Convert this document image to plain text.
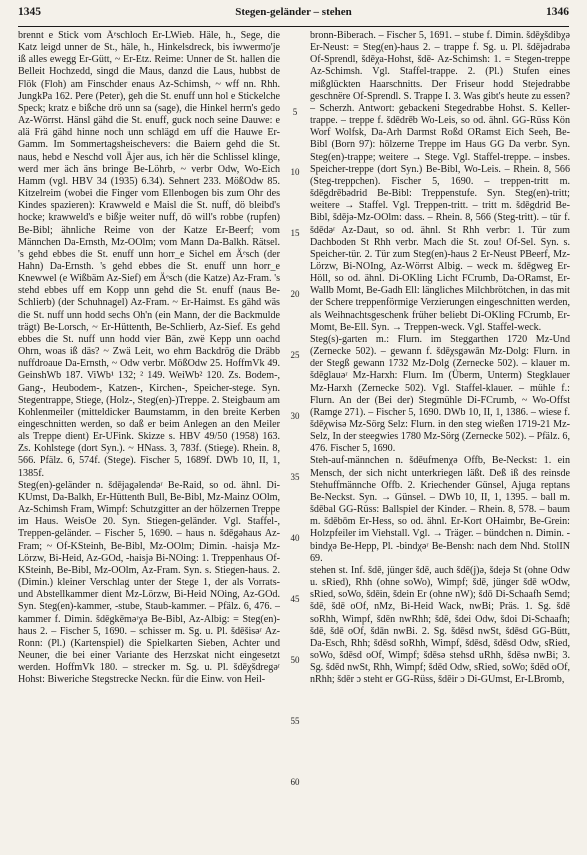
1345	Stegen-geländer – stehen	1346

brennt e Stick vom Äᵉschloch Er-LWieb. Häle, h., Sege, die Katz leigd unner de St., häle, h., Hinkelsdreck, bis iwwermo'je iß alles ewegg Er-Gütt, ~ Er-Etz. Reime: Unner de St. hallen die Belleit Hochzedd, singd die Maus, danzd die Laus, hubbst de Flök (Floh) am Finschder enaus Az-Schimsh, ~ wff nn. Rhh. JungkPa 162. Pere (Peter), geh die St. enuff unn hol e Stickelche Speck; kratz e bißche drö unn sa (sage), die Hinkel herrn's gedo Az-Wörrst. Hänsl gähd die St. enuff, guck noch seine Dauwe: e alä Frä gähd hinne noch unn schlägd em uff die Hauwe Er-Gamm. Im Sommertagsheischevers: die Baiern gehd die St. naus, hebd e Neschd voll Äjer aus, ich hër die Schlissel klinge, werd mer äch äns bringe Be-Löhrb, ~ verbr Odw, Wo-Eich Hamm (vgl. HBV 34 (1935) 6.34). Sehnert 233. MößOdw 85. Kitzelreim (wobei die Finger vom Ellenbogen bis zum Ohr des Kindes spazieren): Krawweld e Maisl die St. nuff, dö bleibd's hocke; krawweld's e bißje weiter nuff, dö will's robbe (rupfen) Be-Bibl; ähnliche Reime von der Katze Er-Beerf; vom Männchen Da-Ernsth, Mz-OOlm; vom Mann Da-Balkh. Rätsel. 's gehd ebbes die St. enuff unn horr_e Sichel em Äᵉsch (der Hahn) Da-Ernsth. 's gehd ebbes die St. enuff unn horr_e Knewwel (e Wißbäm Az-Sief) em Äᵉsch (die Katze) Az-Fram. 's stehd ebbes uff em Kopp unn gehd die St. enuff (naus Be-Schlierb) (der Schuhnagel) Az-Fram. ~ Er-Haimst. Es gähd wäs die St. nuff unn hodd sechs Oh'n (ein Mann, der die Backmulde trägt) Be-Lorsch, ~ Er-Hüttenth, Be-Schlierb, Az-Sief. Es gehd ebbes die St. nuff unn hodd vier Bän, zwë Kepp unn oachd Ohrn, woas iß däs? ~ Zwä Leit, wo ehrn Backdrög die Dräbb nuffdroaue Da-Ernsth, ~ Odw verbr. MößOdw 25. HoffmVk 49. GeinshWb 187. ViWb¹ 132; ² 149. WeiWb² 120. Zs. Bodem-, Gang-, Heubodem-, Katzen-, Kirchen-, Speicher-stege. Syn. Stegentrappe, Stiege, (Holz-, Steg(en)-)Treppe. 2. Steigbaum am Kohlenmeiler (mitteldicker Baumstamm, in den breite Kerben eingeschnitten werden, so daß er beim Anlegen an den Meiler als Treppe dient) Er-UFink. Skizze s. HBV 49/50 (1958) 163. Zs. Kohlstege (dort Syn.). ~ HNass. 3, 783f. (Stiege). Rhein. 8, 566. Pfälz. 6, 574f. (Stege). Fischer 5, 1689f. DWb 10, II, 1, 1385f.

Steg(en)-geländer n. šdējagəlendəʳ Be-Raid, so od. ähnl. Di-KUmst, Da-Balkh, Er-Hüttenth Bull, Be-Bibl, Mz-Mainz OOlm, Az-Schimsh Fram, Wimpf: Schutzgitter an der hölzernen Treppe im Haus. WeisOe 20. Syn. Stiegen-geländer. Vgl. Staffel-, Treppen-geländer. – Fischer 5, 1690. – haus n. šdēgəhaus Az-Fram; ~ Of-KSteinh, Be-Bibl, Mz-OOlm; Dimin. -haisjə Mz-Lörzw, Bi-Heid, Az-GOd, -haisjə Bi-NOing: 1. Treppenhaus Of-KSteinh, Be-Bibl, Mz-OOlm, Az-Fram. Syn. s. Stiegen-haus. 2. (Dimin.) kleiner Verschlag unter der Stege 1, der als Vorrats- und Abstellkammer dient Mz-Lörzw, Bi-Heid NOing, Az-GOd. Syn. Steg(en)-kammer, -stube, Staub-kammer. – Pfälz. 6, 476. – kammer f. Dimin. šdēgkēməʳχə Be-Bibl, Az-Albig: = Steg(en)-haus 2. – Fischer 5, 1690. – schisser m. Sg. u. Pl. šdēšisəʳ Az-Ronn: (Pl.) (Kartenspiel) die Spielkarten Sieben, Achter und Neuner, die bei einer Variante des Herzskat nicht eingesetzt werden. HoffmVk 180. – strecker m. Sg. u. Pl. šdēχšdregəʳ Hohst: Biweriche Stegstrecke Neckn. für die Einw. von Heil-

5
10
15
20
25
30
35
40
45
50
55
60

bronn-Biberach. – Fischer 5, 1691. – stube f. Dimin. šdēχšdibχə Er-Neust: = Steg(en)-haus 2. – trappe f. Sg. u. Pl. šdējədrabə Of-Sprendl, šdēχa-Hohst, šdē- Az-Schimsh: 1. = Stegen-treppe Az-Schimsh. Vgl. Staffel-trappe. 2. (Pl.) Stufen eines mißglückten Haarschnitts. Der Friseur hodd Stejedrabbe geschnëre Of-Sprendl. S. Trappe I. 3. Was gibt's heute zu essen? – Scherzh. Antwort: gebackeni Stegedrabbe Hohst. S. Keller-trappe. – treppe f. šdēdrēb Wo-Leis, so od. ähnl. GG-Rüss Kön Worf Wolfsk, Da-Arh Darmst Roßd ORamst Eich Seeh, Be-Bibl (Born 97): hölzerne Treppe im Haus GG Da verbr. Syn. Steg(en)-trappe; weitere → Stege. Vgl. Staffel-treppe. – insbes. Speicher-treppe (dort Syn.) Be-Bibl, Wo-Leis. – Rhein. 8, 566 (Steg-treppchen). Fischer 5, 1690. – treppen-tritt m. šdēgdrēbədrid Be-Bibl: Treppenstufe. Syn. Steg(en)-tritt; weitere → Staffel. Vgl. Treppen-tritt. – tritt m. šdēgdrid Be-Bibl, šdējə-Mz-OOlm: dass. – Rhein. 8, 566 (Steg-tritt). – tür f. šdēdəʳ Az-Daut, so od. ähnl. St Rhh verbr: 1. Tür zum Dachboden St Rhh verbr. Mach die St. zou! Of-Sel. Syn. s. Speicher-tür. 2. Tür zum Steg(en)-haus 2 Er-Neust PBeerf, Mz-Lörzw, Bi-NOIng, Az-Wörrst Albig. – weck m. šdēgweg Er-Höll, so od. ähnl. Di-OKling Licht FCrumb, Da-ORamst, Er-Wallb Momt, Be-Gadh Ell: längliches Milchbrötchen, in das mit der Schere treppenförmige Verzierungen eingeschnitten werden, als Weihnachtsgeschenk früher beliebt Di-OKling FCrumb, Er-Momt, Be-Ell. Syn. → Treppen-weck. Vgl. Staffel-weck.

Steg(s)-garten m.: Flurn. im Steggarthen 1720 Mz-Und (Zernecke 502). – gewann f. šdēχsgəwān Mz-Dolg: Flurn. in der Stegß gewann 1732 Mz-Dolg (Zernecke 502). – klauer m. šdēglauəʳ Mz-Harxh: Flurn. Im (Überm, Unterm) Stegklauer Mz-Harxh (Zernecke 502). Vgl. Staffel-klauer. – mühle f.: Flurn. An der (Bei der) Stegmühle Di-FCrumb, ~ Wo-Offst (Ramge 271). – Fischer 5, 1690. DWb 10, II, 1, 1386. – wiese f. šdēχwisə Mz-Sörg Selz: Flurn. in den steg wießen 1719-21 Mz-Selz, In der steegwies 1780 Mz-Sörg (Zernecke 502). – Pfälz. 6, 476. Fischer 5, 1690.

Steh-auf-männchen n. šdēufmenχə Offb, Be-Neckst: 1. ein Mensch, der sich nicht unterkriegen läßt. Deß iß des reinsde Stehuffmännche Offb. 2. Kriechender Günsel, Ajuga reptans Be-Neckst. Syn. → Günsel. – DWb 10, II, 1, 1395. – ball m. šdēbal GG-Rüss: Ballspiel der Kinder. – Rhein. 8, 578. – baum m. šdēbōm Er-Hess, so od. ähnl. Er-Kort OHaimbr, Be-Grein: Holzpfeiler im Viehstall. Vgl. → Träger. – bündchen n. Dimin. -bindχə Be-Hepp, Pl. -bindχəʳ Be-Bensh: nach dem Nhd. StolIN 69.

stehen st. Inf. šdē, jünger šdē, auch šdē(j)ə, šdejə St (ohne Odw u. sRied), Rhh (ohne soWo), Wimpf; šdē, jünger šdē wOdw, sRied, soWo, šdēin, šdein Er (ohne nW); šdō Di-Schaafh Semd; šdē, šdē oOf, nMz, Bi-Heid Wack, nwBi; Präs. 1. Sg. šdē soRhh, Wimpf, šdēn nwRhh; šdē, šdei Odw, šdoi Di-Schaafh; šdē, šdē oOf, šdān nwBi. 2. Sg. šdēsd nwSt, šdēsd GG-Bütt, Da-Esch, Rhh; šdēsd soRhh, Wimpf, šdēsd, šdēsd Odw, sRied, soWo, šdēsd oOf, Wimpf; šdēsə stehsd uRhh, šdēsə nwBi; 3. Sg. šdēd nwSt, Rhh, Wimpf; šdēd Odw, sRied, soWo; šdēd oOf, nRhh; šdēr ɔ steht er GG-Rüss, šdēir ɔ Di-GUmst, Er-LBromb,
